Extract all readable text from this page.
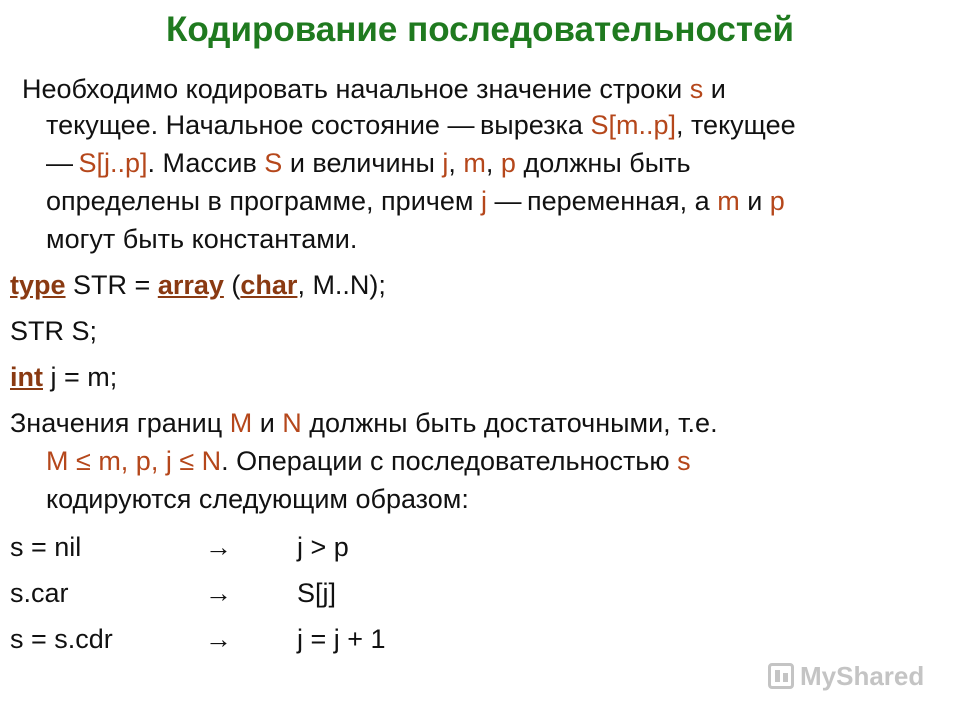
Кодирование последовательностей
Необходимо кодировать начальное значение строки s и
текущее. Начальное состояние — вырезка S[m..p], текущее
— S[j..p]. Массив S и величины j, m, p должны быть
определены в программе, причем j — переменная, а m и p
могут быть константами.
type STR = array (char, M..N);
STR S;
int j = m;
Значения границ M и N должны быть достаточными, т.е.
M ≤ m, p, j ≤ N. Операции с последовательностью s
кодируются следующим образом:
s = nil	→ j > p
s.car	→ S[j]
s = s.cdr	→ j = j + 1
MyShared
